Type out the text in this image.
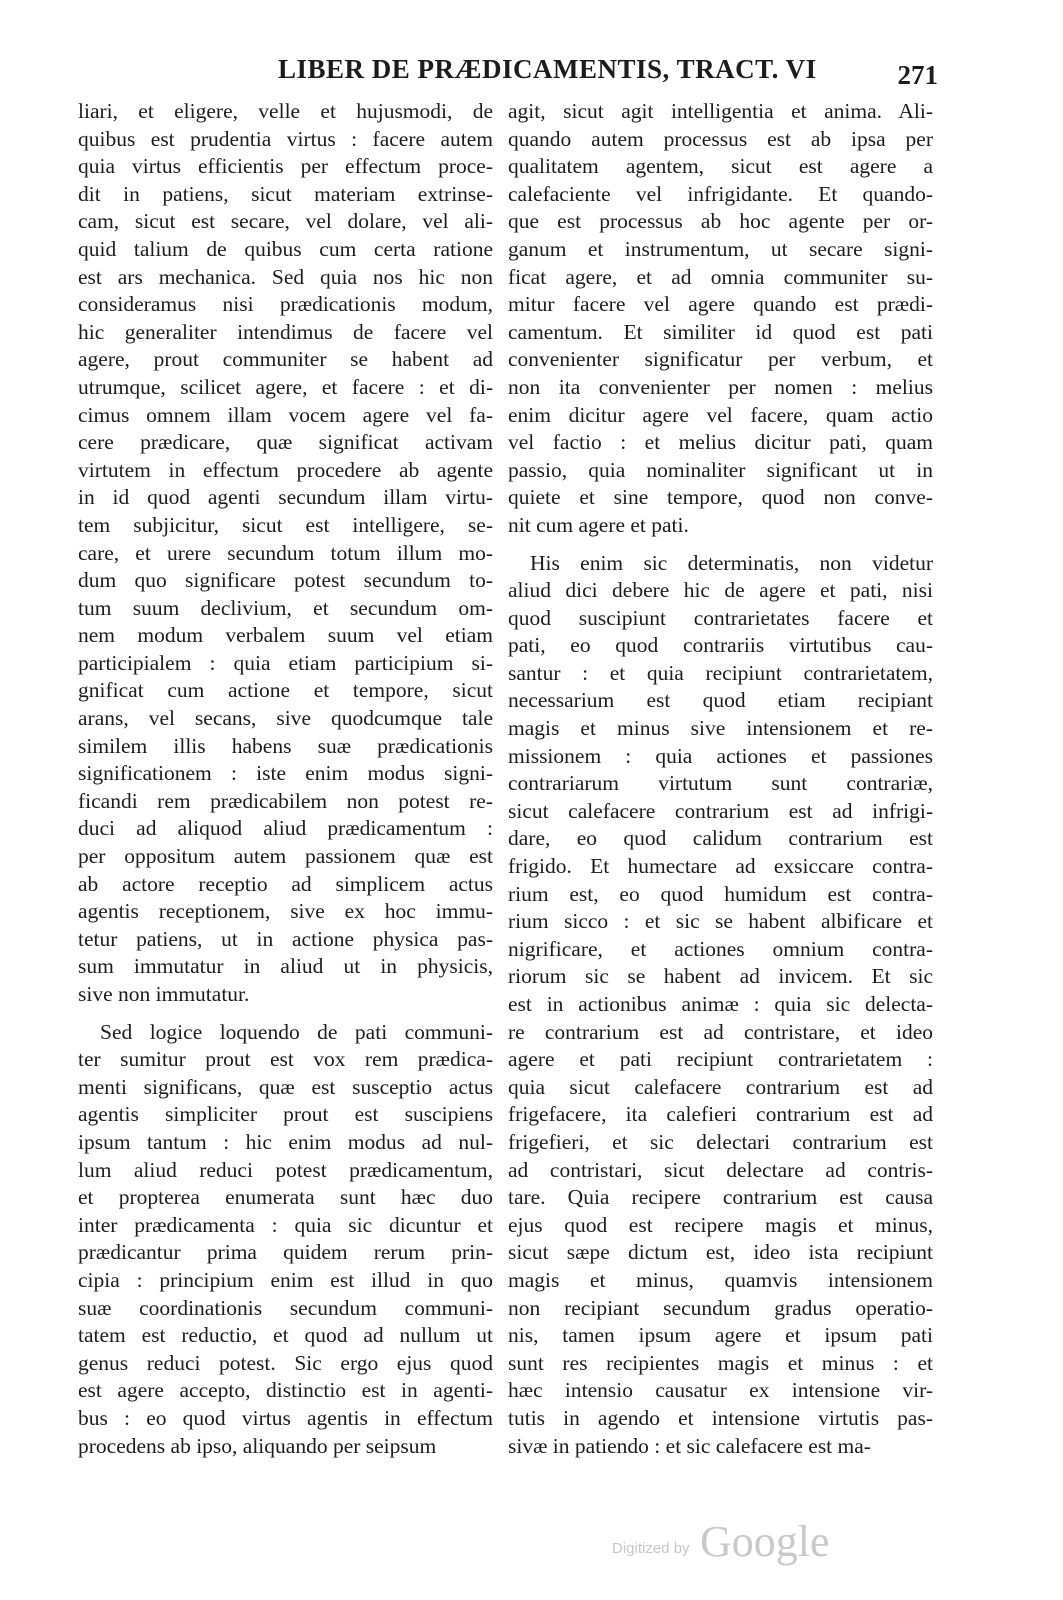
LIBER DE PRÆDICAMENTIS, TRACT. VI	271
liari, et eligere, velle et hujusmodi, de
quibus est prudentia virtus : facere autem
quia virtus efficientis per effectum proce-
dit in patiens, sicut materiam extrinse-
cam, sicut est secare, vel dolare, vel ali-
quid talium de quibus cum certa ratione
est ars mechanica. Sed quia nos hic non
consideramus nisi prædicationis modum,
hic generaliter intendimus de facere vel
agere, prout communiter se habent ad
utrumque, scilicet agere, et facere : et di-
cimus omnem illam vocem agere vel fa-
cere prædicare, quæ significat activam
virtutem in effectum procedere ab agente
in id quod agenti secundum illam virtu-
tem subjicitur, sicut est intelligere, se-
care, et urere secundum totum illum mo-
dum quo significare potest secundum to-
tum suum declivium, et secundum om-
nem modum verbalem suum vel etiam
participialem : quia etiam participium si-
gnificat cum actione et tempore, sicut
arans, vel secans, sive quodcumque tale
similem illis habens suæ prædicationis
significationem : iste enim modus signi-
ficandi rem prædicabilem non potest re-
duci ad aliquod aliud prædicamentum :
per oppositum autem passionem quæ est
ab actore receptio ad simplicem actus
agentis receptionem, sive ex hoc immu-
tetur patiens, ut in actione physica pas-
sum immutatur in aliud ut in physicis,
sive non immutatur.
Sed logice loquendo de pati communi-
ter sumitur prout est vox rem prædica-
menti significans, quæ est susceptio actus
agentis simpliciter prout est suscipiens
ipsum tantum : hic enim modus ad nul-
lum aliud reduci potest prædicamentum,
et propterea enumerata sunt hæc duo
inter prædicamenta : quia sic dicuntur et
prædicantur prima quidem rerum prin-
cipia : principium enim est illud in quo
suæ coordinationis secundum communi-
tatem est reductio, et quod ad nullum ut
genus reduci potest. Sic ergo ejus quod
est agere accepto, distinctio est in agenti-
bus : eo quod virtus agentis in effectum
procedens ab ipso, aliquando per seipsum
agit, sicut agit intelligentia et anima. Ali-
quando autem processus est ab ipsa per
qualitatem agentem, sicut est agere a
calefaciente vel infrigidante. Et quando-
que est processus ab hoc agente per or-
ganum et instrumentum, ut secare signi-
ficat agere, et ad omnia communiter su-
mitur facere vel agere quando est prædi-
camentum. Et similiter id quod est pati
convenienter significatur per verbum, et
non ita convenienter per nomen : melius
enim dicitur agere vel facere, quam actio
vel factio : et melius dicitur pati, quam
passio, quia nominaliter significant ut in
quiete et sine tempore, quod non conve-
nit cum agere et pati.
His enim sic determinatis, non videtur
aliud dici debere hic de agere et pati, nisi
quod suscipiunt contrarietates facere et
pati, eo quod contrariis virtutibus cau-
santur : et quia recipiunt contrarietatem,
necessarium est quod etiam recipiant
magis et minus sive intensionem et re-
missionem : quia actiones et passiones
contrariarum virtutum sunt contrariæ,
sicut calefacere contrarium est ad infrigi-
dare, eo quod calidum contrarium est
frigido. Et humectare ad exsiccare contra-
rium est, eo quod humidum est contra-
rium sicco : et sic se habent albificare et
nigrificare, et actiones omnium contra-
riorum sic se habent ad invicem. Et sic
est in actionibus animæ : quia sic delecta-
re contrarium est ad contristare, et ideo
agere et pati recipiunt contrarietatem :
quia sicut calefacere contrarium est ad
frigefacere, ita calefieri contrarium est ad
frigefieri, et sic delectari contrarium est
ad contristari, sicut delectare ad contris-
tare. Quia recipere contrarium est causa
ejus quod est recipere magis et minus,
sicut sæpe dictum est, ideo ista recipiunt
magis et minus, quamvis intensionem
non recipiant secundum gradus operatio-
nis, tamen ipsum agere et ipsum pati
sunt res recipientes magis et minus : et
hæc intensio causatur ex intensione vir-
tutis in agendo et intensione virtutis pas-
sivæ in patiendo : et sic calefacere est ma-
Digitized by Google
